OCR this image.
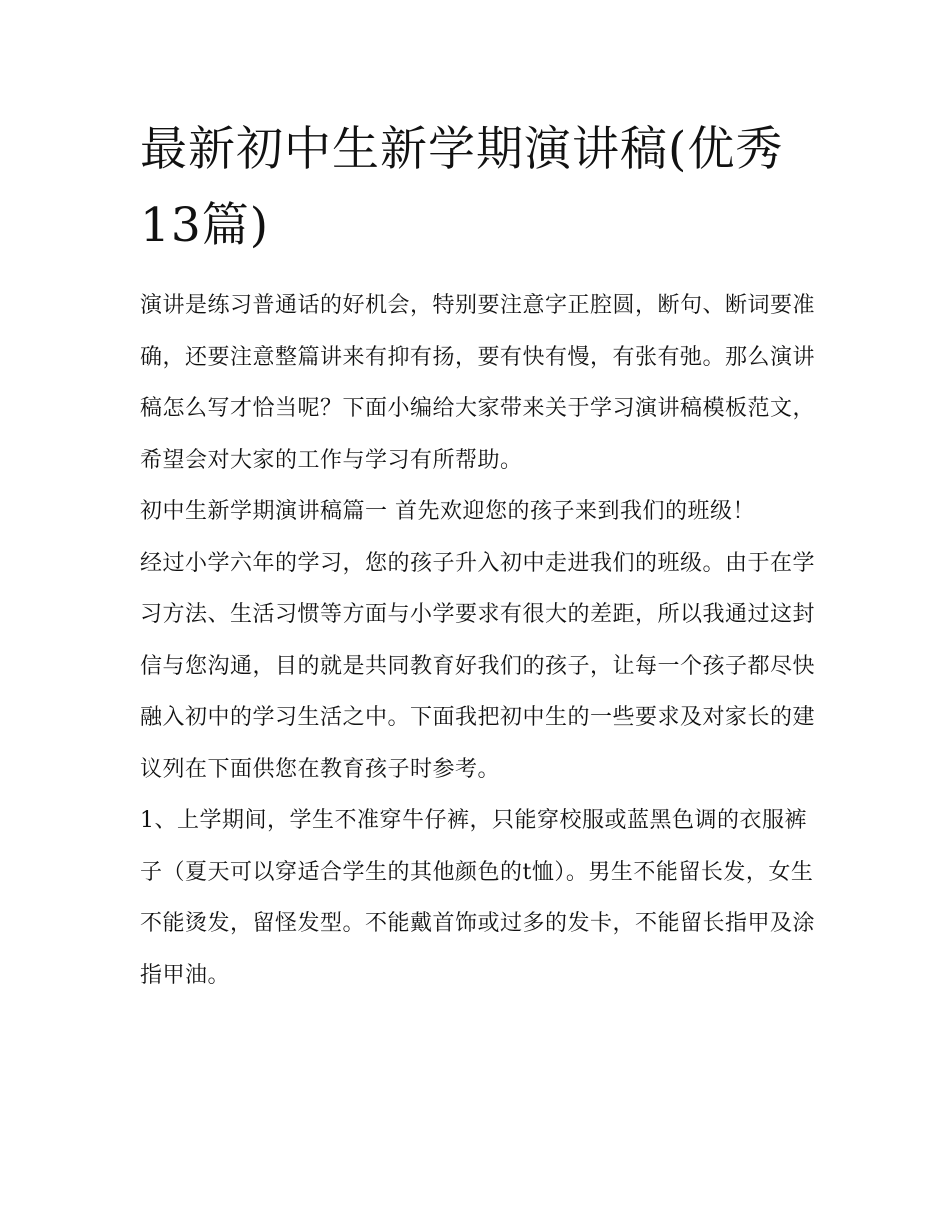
最新初中生新学期演讲稿(优秀13篇)

演讲是练习普通话的好机会，特别要注意字正腔圆，断句、断词要准确，还要注意整篇讲来有抑有扬，要有快有慢，有张有弛。那么演讲稿怎么写才恰当呢？下面小编给大家带来关于学习演讲稿模板范文，希望会对大家的工作与学习有所帮助。

初中生新学期演讲稿篇一 首先欢迎您的孩子来到我们的班级！

经过小学六年的学习，您的孩子升入初中走进我们的班级。由于在学习方法、生活习惯等方面与小学要求有很大的差距，所以我通过这封信与您沟通，目的就是共同教育好我们的孩子，让每一个孩子都尽快融入初中的学习生活之中。下面我把初中生的一些要求及对家长的建议列在下面供您在教育孩子时参考。

1、上学期间，学生不准穿牛仔裤，只能穿校服或蓝黑色调的衣服裤子（夏天可以穿适合学生的其他颜色的t恤）。男生不能留长发，女生不能烫发，留怪发型。不能戴首饰或过多的发卡，不能留长指甲及涂指甲油。
